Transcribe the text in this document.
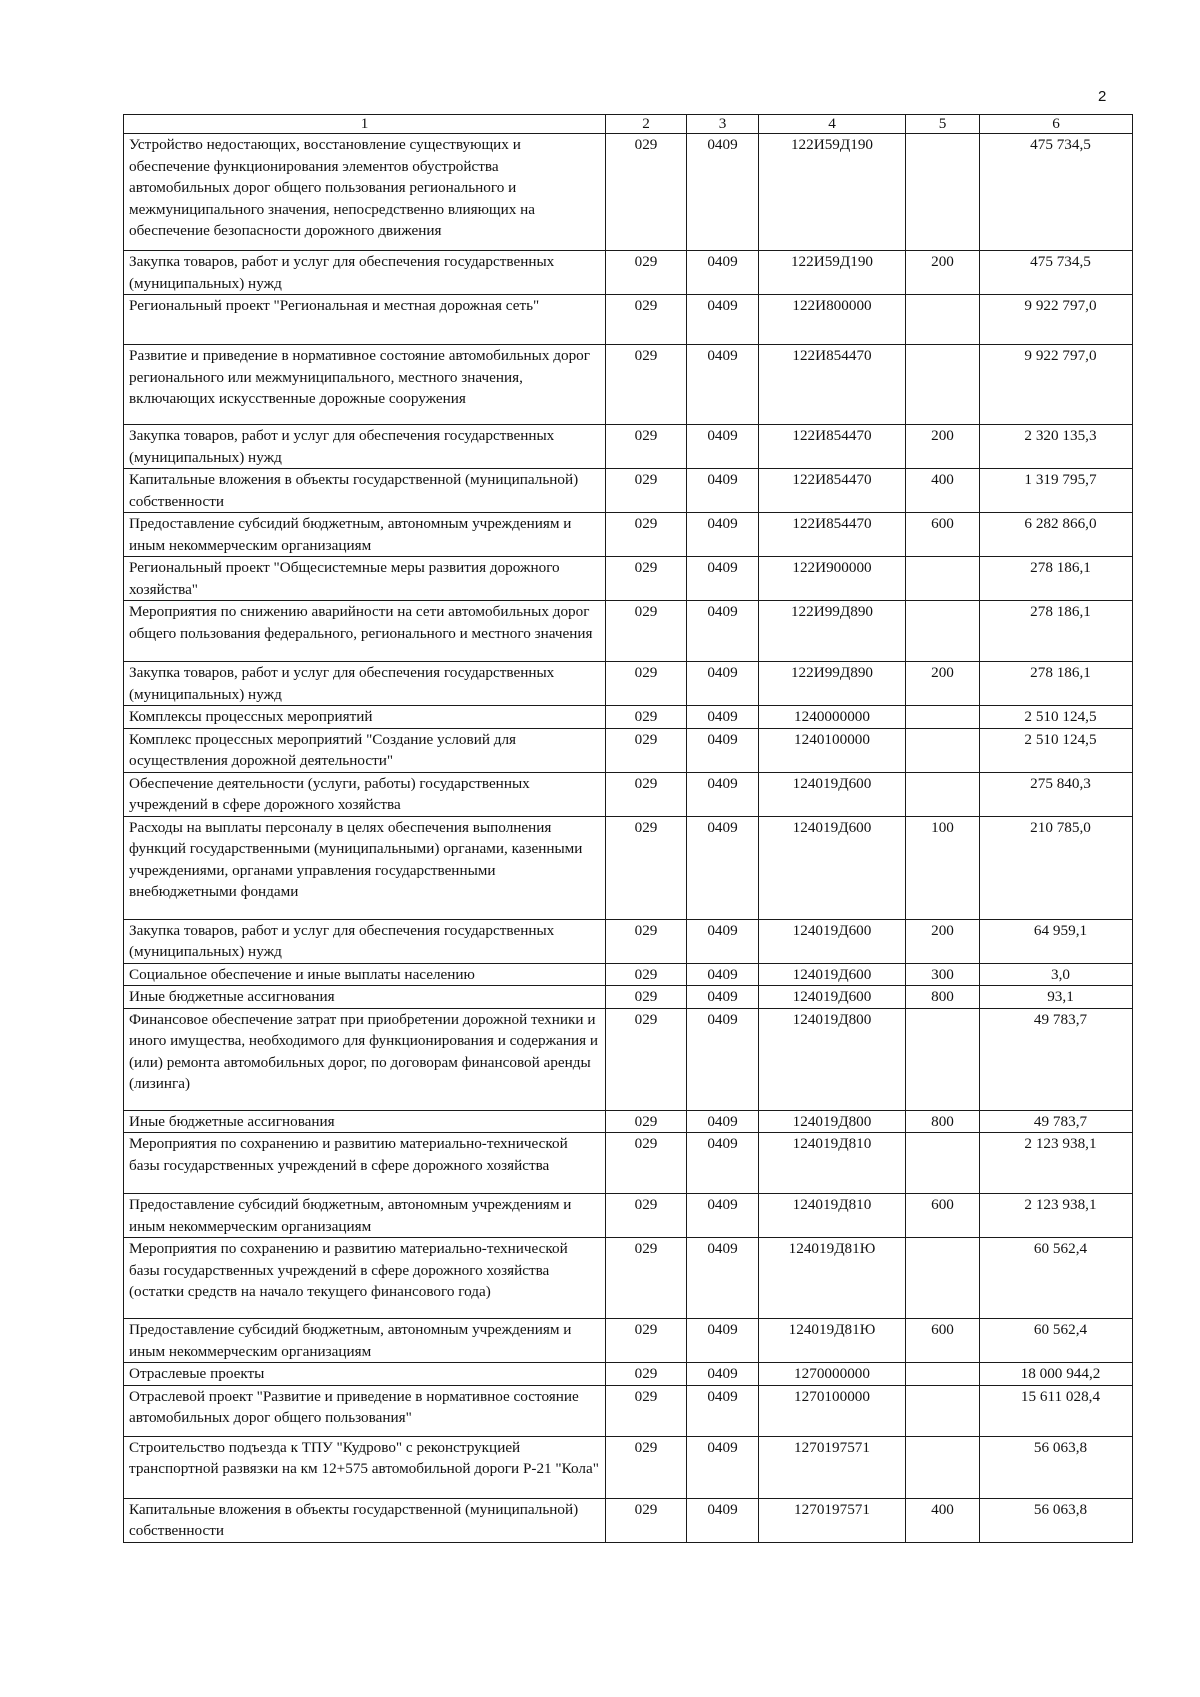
2
1	2	3	4	5	6
Устройство недостающих, восстановление существующих и обеспечение функционирования элементов обустройства автомобильных дорог общего пользования регионального и межмуниципального значения, непосредственно влияющих на обеспечение безопасности дорожного движения	029	0409	122И59Д190		475 734,5
Закупка товаров, работ и услуг для обеспечения государственных (муниципальных) нужд	029	0409	122И59Д190	200	475 734,5
Региональный проект "Региональная и местная дорожная сеть"	029	0409	122И800000		9 922 797,0
Развитие и приведение в нормативное состояние автомобильных дорог регионального или межмуниципального, местного значения, включающих искусственные дорожные сооружения	029	0409	122И854470		9 922 797,0
Закупка товаров, работ и услуг для обеспечения государственных (муниципальных) нужд	029	0409	122И854470	200	2 320 135,3
Капитальные вложения в объекты государственной (муниципальной) собственности	029	0409	122И854470	400	1 319 795,7
Предоставление субсидий бюджетным, автономным учреждениям и иным некоммерческим организациям	029	0409	122И854470	600	6 282 866,0
Региональный проект "Общесистемные меры развития дорожного хозяйства"	029	0409	122И900000		278 186,1
Мероприятия по снижению аварийности на сети автомобильных дорог общего пользования федерального, регионального и местного значения	029	0409	122И99Д890		278 186,1
Закупка товаров, работ и услуг для обеспечения государственных (муниципальных) нужд	029	0409	122И99Д890	200	278 186,1
Комплексы процессных мероприятий	029	0409	1240000000		2 510 124,5
Комплекс процессных мероприятий "Создание условий для осуществления дорожной деятельности"	029	0409	1240100000		2 510 124,5
Обеспечение деятельности (услуги, работы) государственных учреждений в сфере дорожного хозяйства	029	0409	124019Д600		275 840,3
Расходы на выплаты персоналу в целях обеспечения выполнения функций государственными (муниципальными) органами, казенными учреждениями, органами управления государственными внебюджетными фондами	029	0409	124019Д600	100	210 785,0
Закупка товаров, работ и услуг для обеспечения государственных (муниципальных) нужд	029	0409	124019Д600	200	64 959,1
Социальное обеспечение и иные выплаты населению	029	0409	124019Д600	300	3,0
Иные бюджетные ассигнования	029	0409	124019Д600	800	93,1
Финансовое обеспечение затрат при приобретении дорожной техники и иного имущества, необходимого для функционирования и содержания и (или) ремонта автомобильных дорог, по договорам финансовой аренды (лизинга)	029	0409	124019Д800		49 783,7
Иные бюджетные ассигнования	029	0409	124019Д800	800	49 783,7
Мероприятия по сохранению и развитию материально-технической базы государственных учреждений в сфере дорожного хозяйства	029	0409	124019Д810		2 123 938,1
Предоставление субсидий бюджетным, автономным учреждениям и иным некоммерческим организациям	029	0409	124019Д810	600	2 123 938,1
Мероприятия по сохранению и развитию материально-технической базы государственных учреждений в сфере дорожного хозяйства (остатки средств на начало текущего финансового года)	029	0409	124019Д81Ю		60 562,4
Предоставление субсидий бюджетным, автономным учреждениям и иным некоммерческим организациям	029	0409	124019Д81Ю	600	60 562,4
Отраслевые проекты	029	0409	1270000000		18 000 944,2
Отраслевой проект "Развитие и приведение в нормативное состояние автомобильных дорог общего пользования"	029	0409	1270100000		15 611 028,4
Строительство подъезда к ТПУ "Кудрово" с реконструкцией транспортной развязки на км 12+575 автомобильной дороги Р-21 "Кола"	029	0409	1270197571		56 063,8
Капитальные вложения в объекты государственной (муниципальной) собственности	029	0409	1270197571	400	56 063,8
